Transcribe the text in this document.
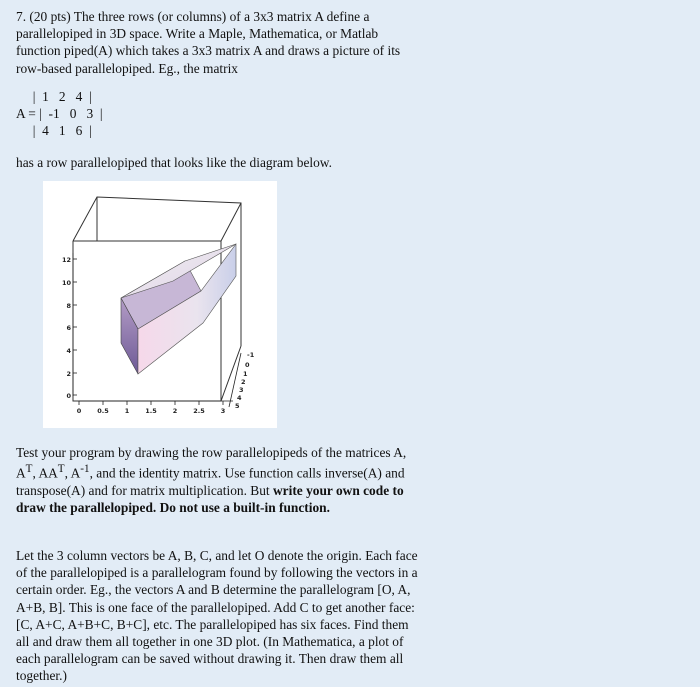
7. (20 pts) The three rows (or columns) of a 3x3 matrix A define a parallelopiped in 3D space. Write a Maple, Mathematica, or Matlab function piped(A) which takes a 3x3 matrix A and draws a picture of its row-based parallelopiped. Eg., the matrix

|  1   2   4  |
A = |  -1   0   3  |
|  4   1   6  |

has a row parallelopiped that looks like the diagram below.

12
10
8
6
4
2
0
0 0.5 1 1.5 2 2.5 3
-1
0
1
2
3
4
5

Test your program by drawing the row parallelopipeds of the matrices A, $A^T$, $AA^T$, $A^{-1}$, and the identity matrix. Use function calls inverse(A) and transpose(A) and for matrix multiplication. But write your own code to draw the parallelopiped. Do not use a built-in function.

Let the 3 column vectors be A, B, C, and let O denote the origin. Each face of the parallelopiped is a parallelogram found by following the vectors in a certain order. Eg., the vectors A and B determine the parallelogram [O, A, A+B, B]. This is one face of the parallelopiped. Add C to get another face: [C, A+C, A+B+C, B+C], etc. The parallelopiped has six faces. Find them all and draw them all together in one 3D plot. (In Mathematica, a plot of each parallelogram can be saved without drawing it. Then draw them all together.)
